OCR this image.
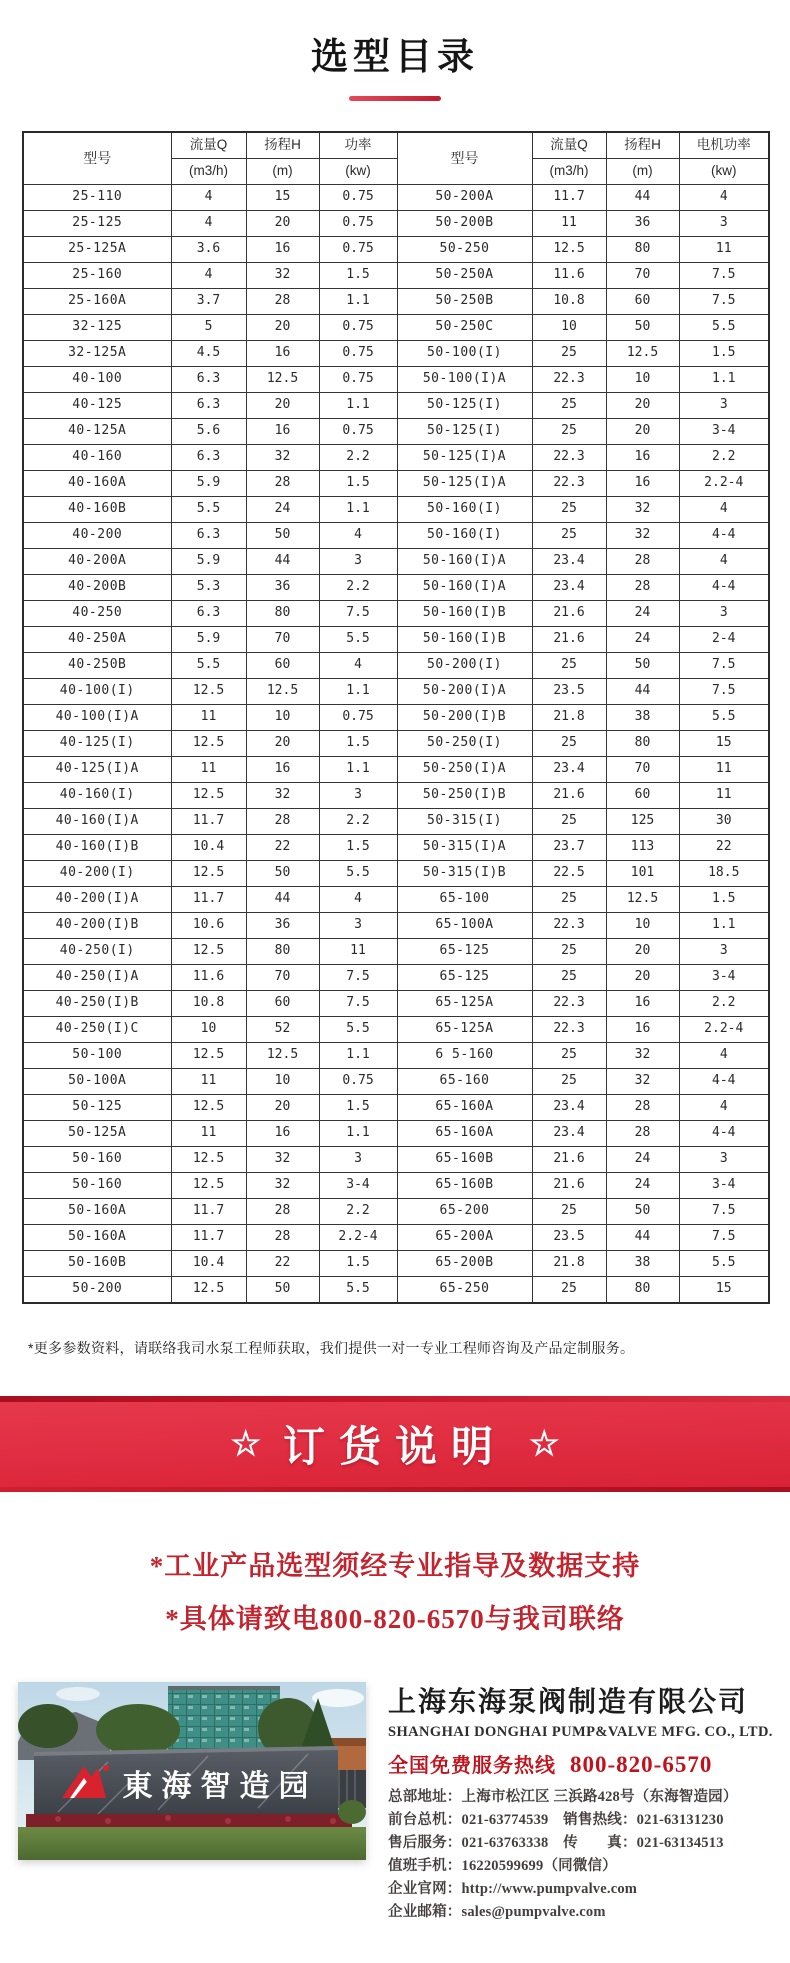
选型目录
型号	流量Q	扬程H	功率	型号	流量Q	扬程H	电机功率
	(m3/h)	(m)	(kw)		(m3/h)	(m)	(kw)
25-110	4	15	0.75	50-200A	11.7	44	4
25-125	4	20	0.75	50-200B	11	36	3
25-125A	3.6	16	0.75	50-250	12.5	80	11
25-160	4	32	1.5	50-250A	11.6	70	7.5
25-160A	3.7	28	1.1	50-250B	10.8	60	7.5
32-125	5	20	0.75	50-250C	10	50	5.5
32-125A	4.5	16	0.75	50-100(I)	25	12.5	1.5
40-100	6.3	12.5	0.75	50-100(I)A	22.3	10	1.1
40-125	6.3	20	1.1	50-125(I)	25	20	3
40-125A	5.6	16	0.75	50-125(I)	25	20	3-4
40-160	6.3	32	2.2	50-125(I)A	22.3	16	2.2
40-160A	5.9	28	1.5	50-125(I)A	22.3	16	2.2-4
40-160B	5.5	24	1.1	50-160(I)	25	32	4
40-200	6.3	50	4	50-160(I)	25	32	4-4
40-200A	5.9	44	3	50-160(I)A	23.4	28	4
40-200B	5.3	36	2.2	50-160(I)A	23.4	28	4-4
40-250	6.3	80	7.5	50-160(I)B	21.6	24	3
40-250A	5.9	70	5.5	50-160(I)B	21.6	24	2-4
40-250B	5.5	60	4	50-200(I)	25	50	7.5
40-100(I)	12.5	12.5	1.1	50-200(I)A	23.5	44	7.5
40-100(I)A	11	10	0.75	50-200(I)B	21.8	38	5.5
40-125(I)	12.5	20	1.5	50-250(I)	25	80	15
40-125(I)A	11	16	1.1	50-250(I)A	23.4	70	11
40-160(I)	12.5	32	3	50-250(I)B	21.6	60	11
40-160(I)A	11.7	28	2.2	50-315(I)	25	125	30
40-160(I)B	10.4	22	1.5	50-315(I)A	23.7	113	22
40-200(I)	12.5	50	5.5	50-315(I)B	22.5	101	18.5
40-200(I)A	11.7	44	4	65-100	25	12.5	1.5
40-200(I)B	10.6	36	3	65-100A	22.3	10	1.1
40-250(I)	12.5	80	11	65-125	25	20	3
40-250(I)A	11.6	70	7.5	65-125	25	20	3-4
40-250(I)B	10.8	60	7.5	65-125A	22.3	16	2.2
40-250(I)C	10	52	5.5	65-125A	22.3	16	2.2-4
50-100	12.5	12.5	1.1	6 5-160	25	32	4
50-100A	11	10	0.75	65-160	25	32	4-4
50-125	12.5	20	1.5	65-160A	23.4	28	4
50-125A	11	16	1.1	65-160A	23.4	28	4-4
50-160	12.5	32	3	65-160B	21.6	24	3
50-160	12.5	32	3-4	65-160B	21.6	24	3-4
50-160A	11.7	28	2.2	65-200	25	50	7.5
50-160A	11.7	28	2.2-4	65-200A	23.5	44	7.5
50-160B	10.4	22	1.5	65-200B	21.8	38	5.5
50-200	12.5	50	5.5	65-250	25	80	15

*更多参数资料，请联络我司水泵工程师获取，我们提供一对一专业工程师咨询及产品定制服务。

☆ 订货说明 ☆

*工业产品选型须经专业指导及数据支持

*具体请致电800-820-6570与我司联络

東海智造园
上海东海泵阀制造有限公司
SHANGHAI DONGHAI PUMP&VALVE MFG. CO., LTD.
全国免费服务热线 800-820-6570
总部地址：上海市松江区 三浜路428号（东海智造园）
前台总机：021-63774539　销售热线：021-63131230
售后服务：021-63763338　传　　真：021-63134513
值班手机：16220599699（同微信）
企业官网：http://www.pumpvalve.com
企业邮箱：sales@pumpvalve.com
